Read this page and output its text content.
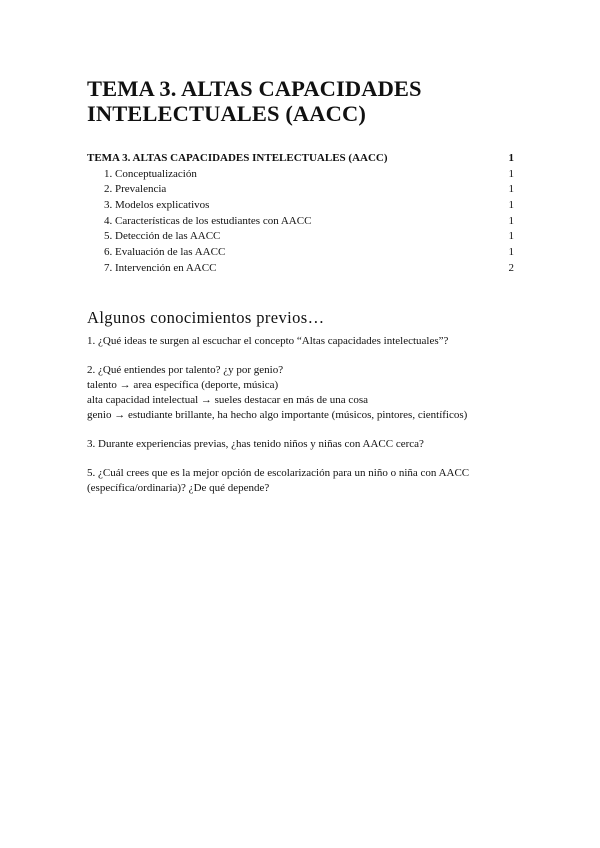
TEMA 3. ALTAS CAPACIDADES
INTELECTUALES (AACC)
TEMA 3. ALTAS CAPACIDADES INTELECTUALES (AACC)	1
1. Conceptualización	1
2. Prevalencia	1
3. Modelos explicativos	1
4. Características de los estudiantes con AACC	1
5. Detección de las AACC	1
6. Evaluación de las AACC	1
7. Intervención en AACC	2
Algunos conocimientos previos…
1. ¿Qué ideas te surgen al escuchar el concepto “Altas capacidades intelectuales”?
2. ¿Qué entiendes por talento? ¿y por genio?
talento → area específica (deporte, música)
alta capacidad intelectual → sueles destacar en más de una cosa
genio → estudiante brillante, ha hecho algo importante (músicos, pintores, científicos)
3. Durante experiencias previas, ¿has tenido niños y niñas con AACC cerca?
5. ¿Cuál crees que es la mejor opción de escolarización para un niño o niña con AACC
(específica/ordinaria)? ¿De qué depende?
